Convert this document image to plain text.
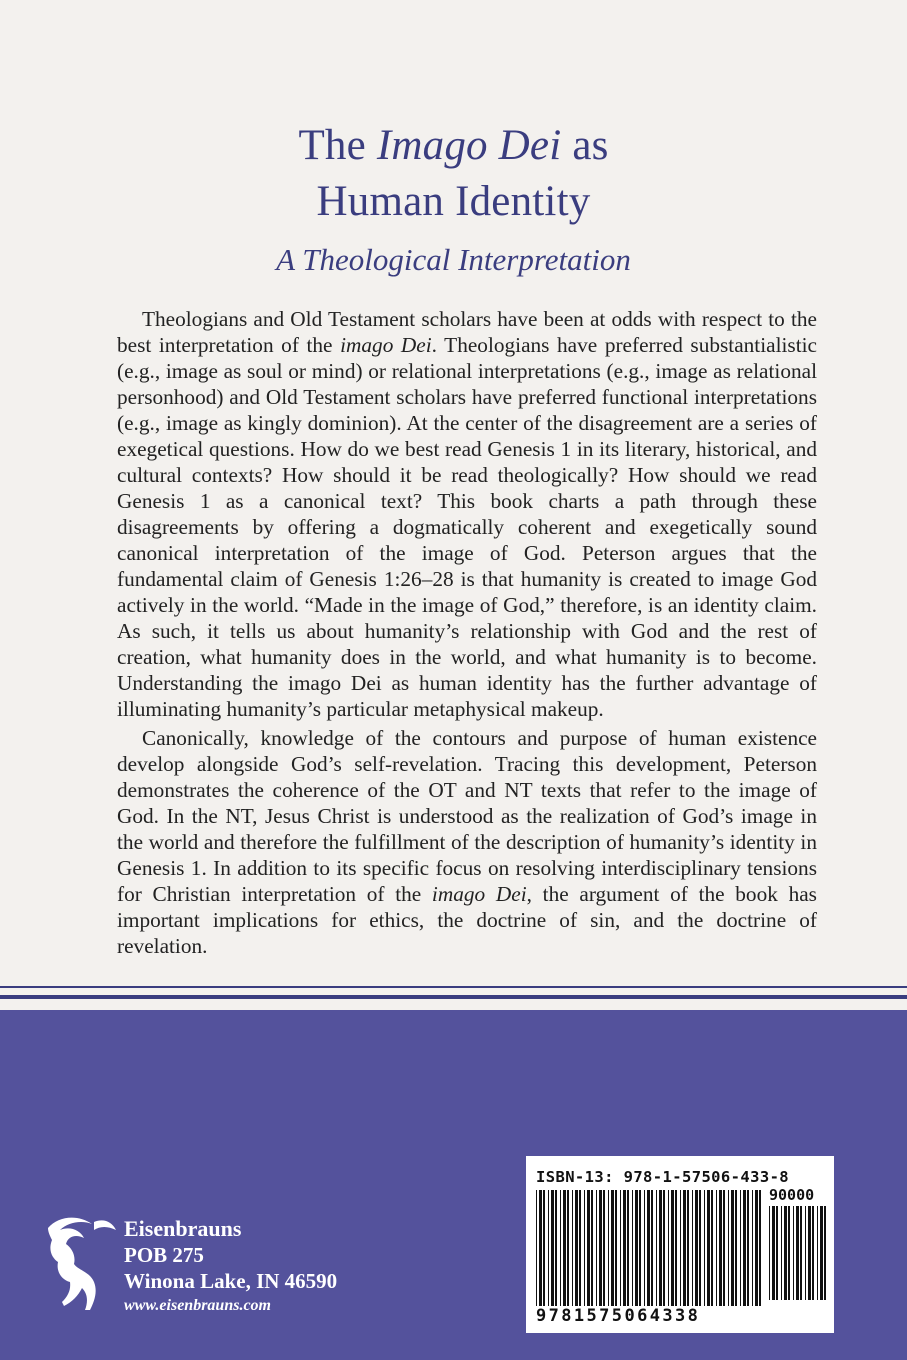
The Imago Dei as
Human Identity
A Theological Interpretation

Theologians and Old Testament scholars have been at odds with respect to the best interpretation of the imago Dei. Theologians have preferred substantialistic (e.g., image as soul or mind) or relational interpretations (e.g., image as relational personhood) and Old Testament scholars have preferred functional interpretations (e.g., image as kingly dominion). At the center of the disagreement are a series of exegetical questions. How do we best read Genesis 1 in its literary, historical, and cultural contexts? How should it be read theologically? How should we read Genesis 1 as a canonical text? This book charts a path through these disagreements by offering a dogmatically coherent and exegetically sound canonical interpretation of the image of God. Peterson argues that the fundamental claim of Genesis 1:26–28 is that humanity is created to image God actively in the world. “Made in the image of God,” therefore, is an identity claim. As such, it tells us about humanity’s relationship with God and the rest of creation, what humanity does in the world, and what humanity is to become. Understanding the imago Dei as human identity has the further advantage of illuminating humanity’s particular metaphysical makeup.

Canonically, knowledge of the contours and purpose of human existence develop alongside God’s self-revelation. Tracing this development, Peterson demonstrates the coherence of the OT and NT texts that refer to the image of God. In the NT, Jesus Christ is understood as the realization of God’s image in the world and therefore the fulfillment of the description of humanity’s identity in Genesis 1. In addition to its specific focus on resolving interdisciplinary tensions for Christian interpretation of the imago Dei, the argument of the book has important implications for ethics, the doctrine of sin, and the doctrine of revelation.

Eisenbrauns
POB 275
Winona Lake, IN 46590
www.eisenbrauns.com
ISBN-13: 978-1-57506-433-8
90000
9781575064338
